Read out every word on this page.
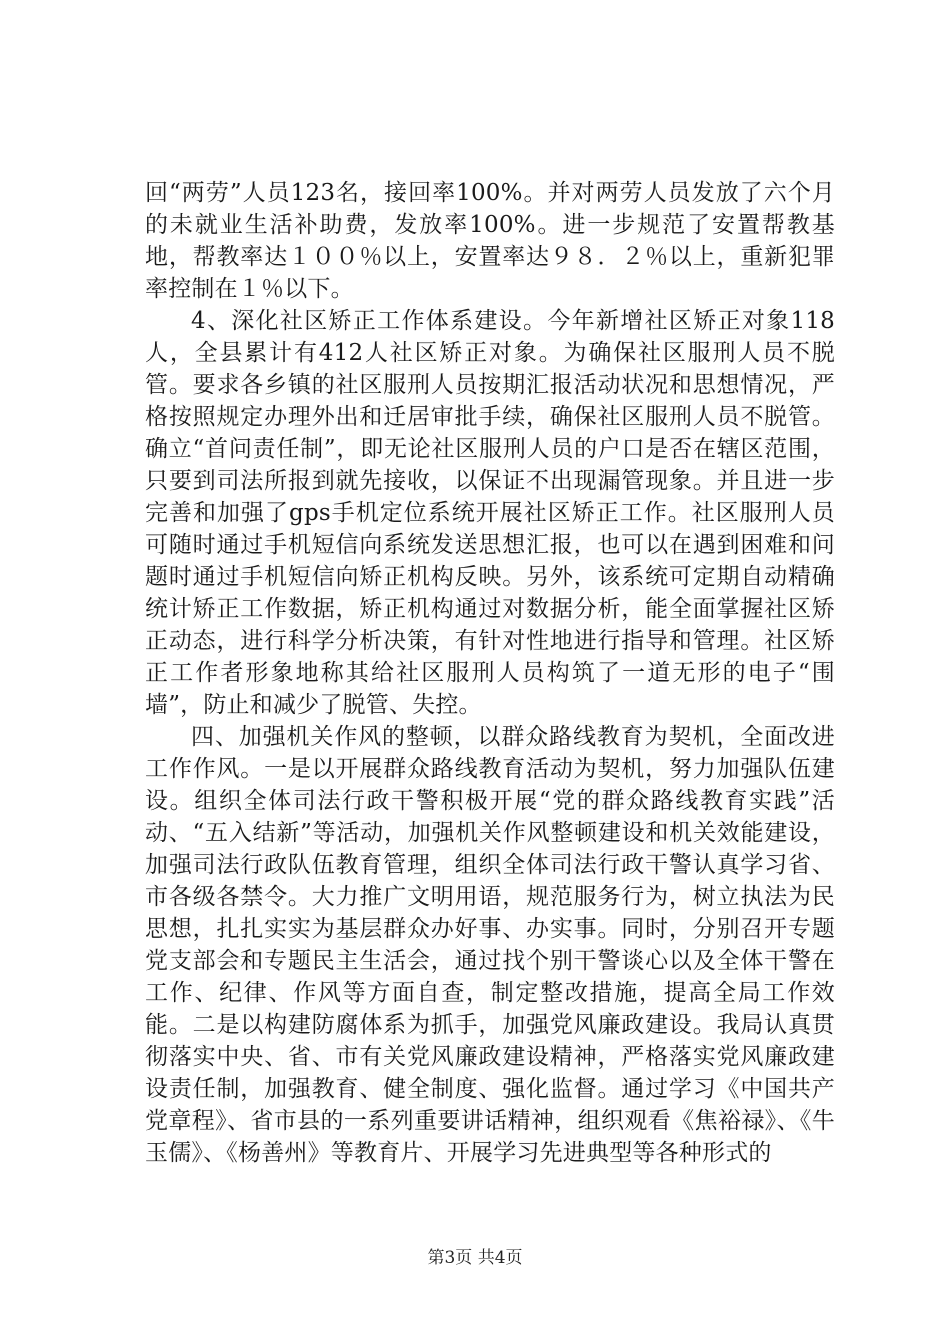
回“两劳”人员123名，接回率100%。并对两劳人员发放了六个月的未就业生活补助费，发放率100%。进一步规范了安置帮教基地，帮教率达１００％以上，安置率达９８．２％以上，重新犯罪率控制在１％以下。

4、深化社区矫正工作体系建设。今年新增社区矫正对象118人，全县累计有412人社区矫正对象。为确保社区服刑人员不脱管。要求各乡镇的社区服刑人员按期汇报活动状况和思想情况，严格按照规定办理外出和迁居审批手续，确保社区服刑人员不脱管。确立“首问责任制”，即无论社区服刑人员的户口是否在辖区范围，只要到司法所报到就先接收，以保证不出现漏管现象。并且进一步完善和加强了gps手机定位系统开展社区矫正工作。社区服刑人员可随时通过手机短信向系统发送思想汇报，也可以在遇到困难和问题时通过手机短信向矫正机构反映。另外，该系统可定期自动精确统计矫正工作数据，矫正机构通过对数据分析，能全面掌握社区矫正动态，进行科学分析决策，有针对性地进行指导和管理。社区矫正工作者形象地称其给社区服刑人员构筑了一道无形的电子“围墙”，防止和减少了脱管、失控。

四、加强机关作风的整顿，以群众路线教育为契机，全面改进工作作风。一是以开展群众路线教育活动为契机，努力加强队伍建设。组织全体司法行政干警积极开展“党的群众路线教育实践”活动、“五入结新”等活动，加强机关作风整顿建设和机关效能建设，加强司法行政队伍教育管理，组织全体司法行政干警认真学习省、市各级各禁令。大力推广文明用语，规范服务行为，树立执法为民思想，扎扎实实为基层群众办好事、办实事。同时，分别召开专题党支部会和专题民主生活会，通过找个别干警谈心以及全体干警在工作、纪律、作风等方面自查，制定整改措施，提高全局工作效能。二是以构建防腐体系为抓手，加强党风廉政建设。我局认真贯彻落实中央、省、市有关党风廉政建设精神，严格落实党风廉政建设责任制，加强教育、健全制度、强化监督。通过学习《中国共产党章程》、省市县的一系列重要讲话精神，组织观看《焦裕禄》、《牛玉儒》、《杨善州》等教育片、开展学习先进典型等各种形式的

第3页 共4页
